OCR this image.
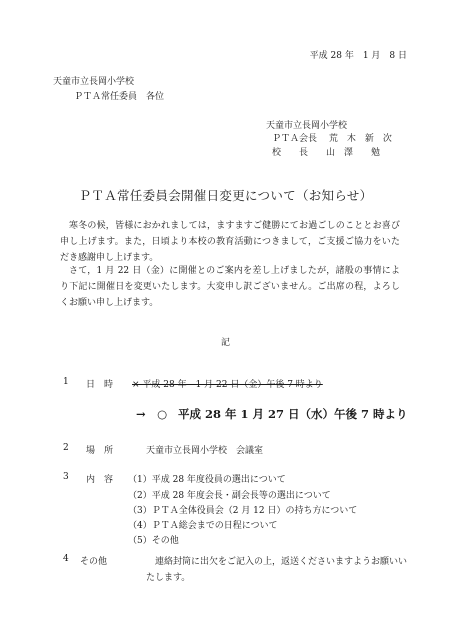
平成 28 年　1 月　8 日
天童市立長岡小学校
ＰＴＡ常任委員　各位
天童市立長岡小学校
ＰＴＡ会長　 荒　木　新　次
校　　長　　山　澤　　勉
ＰＴＡ常任委員会開催日変更について（お知らせ）
寒冬の候，皆様におかれましては，ますますご健勝にてお過ごしのこととお喜び申し上げます。また，日頃より本校の教育活動につきまして，ご支援ご協力をいただき感謝申し上げます。
さて，1 月 22 日（金）に開催とのご案内を差し上げましたが，諸般の事情により下記に開催日を変更いたします。大変申し訳ございません。ご出席の程，よろしくお願い申し上げます。
記
1 日　時 × 平成 28 年　1 月 22 日（金）午後 7 時より
→　○ 平成 28 年 1 月 27 日（水）午後 7 時より
2 場　所	天童市立長岡小学校　会議室
3 内　容 （1）平成 28 年度役員の選出について
（2）平成 28 年度会長・副会長等の選出について
（3）ＰＴＡ全体役員会（2 月 12 日）の持ち方について
（4）ＰＴＡ総会までの日程について
（5）その他
4 その他	連絡封筒に出欠をご記入の上，返送くださいますようお願いいたします。
